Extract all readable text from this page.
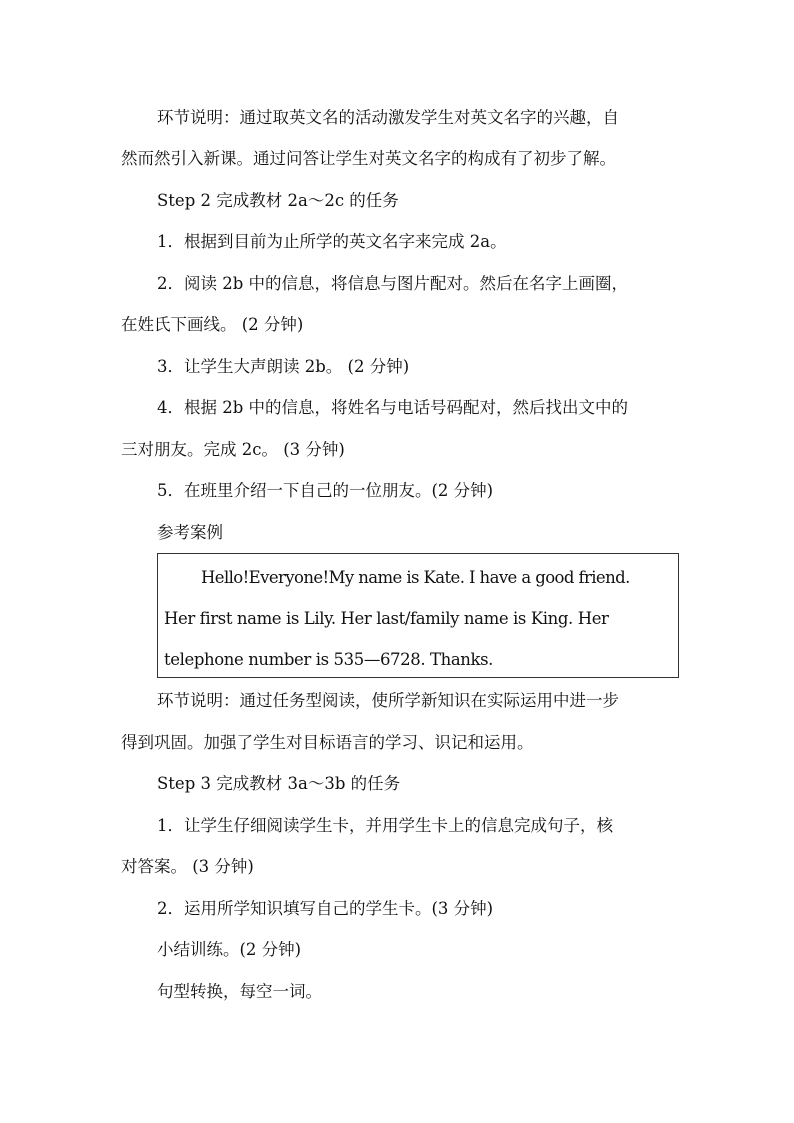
环节说明：通过取英文名的活动激发学生对英文名字的兴趣，自
然而然引入新课。通过问答让学生对英文名字的构成有了初步了解。
Step 2 完成教材 2a～2c 的任务
1．根据到目前为止所学的英文名字来完成 2a。
2．阅读 2b 中的信息，将信息与图片配对。然后在名字上画圈，
在姓氏下画线。 (2 分钟)
3．让学生大声朗读 2b。 (2 分钟)
4．根据 2b 中的信息，将姓名与电话号码配对，然后找出文中的
三对朋友。完成 2c。 (3 分钟)
5．在班里介绍一下自己的一位朋友。(2 分钟)
参考案例
Hello!Everyone!My name is Kate. I have a good friend.
Her first name is Lily. Her last/family name is King. Her
telephone number is 535—6728. Thanks.
环节说明：通过任务型阅读，使所学新知识在实际运用中进一步
得到巩固。加强了学生对目标语言的学习、识记和运用。
Step 3 完成教材 3a～3b 的任务
1．让学生仔细阅读学生卡，并用学生卡上的信息完成句子，核
对答案。 (3 分钟)
2．运用所学知识填写自己的学生卡。(3 分钟)
小结训练。(2 分钟)
句型转换，每空一词。
